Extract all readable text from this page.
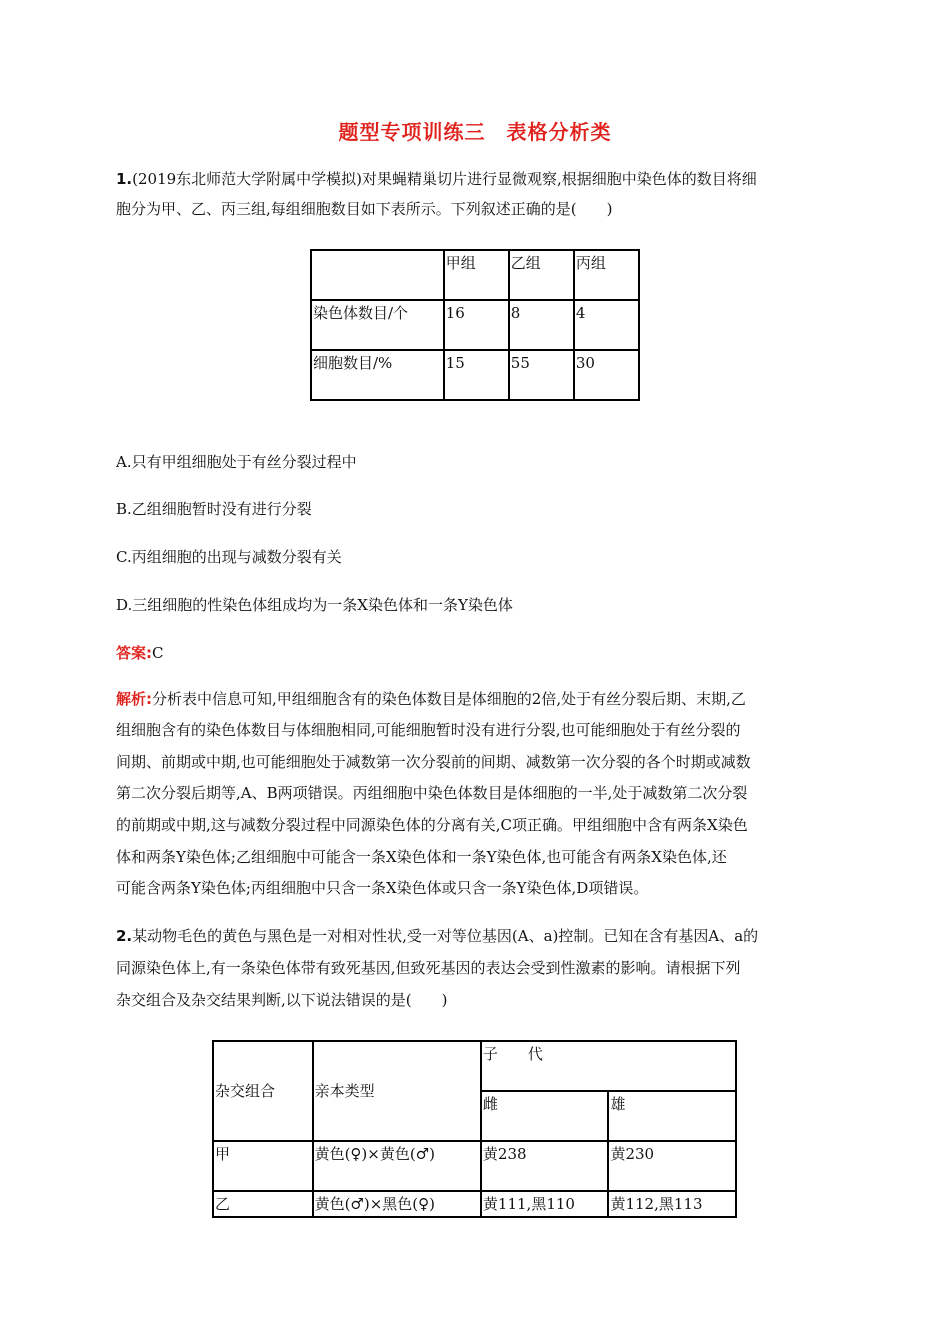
题型专项训练三　表格分析类
1.(2019东北师范大学附属中学模拟)对果蝇精巢切片进行显微观察,根据细胞中染色体的数目将细
胞分为甲、乙、丙三组,每组细胞数目如下表所示。下列叙述正确的是(　　)
	甲组	乙组	丙组
染色体数目/个	16	8	4
细胞数目/%	15	55	30
A.只有甲组细胞处于有丝分裂过程中
B.乙组细胞暂时没有进行分裂
C.丙组细胞的出现与减数分裂有关
D.三组细胞的性染色体组成均为一条X染色体和一条Y染色体
答案:C
解析:分析表中信息可知,甲组细胞含有的染色体数目是体细胞的2倍,处于有丝分裂后期、末期,乙
组细胞含有的染色体数目与体细胞相同,可能细胞暂时没有进行分裂,也可能细胞处于有丝分裂的
间期、前期或中期,也可能细胞处于减数第一次分裂前的间期、减数第一次分裂的各个时期或减数
第二次分裂后期等,A、B两项错误。丙组细胞中染色体数目是体细胞的一半,处于减数第二次分裂
的前期或中期,这与减数分裂过程中同源染色体的分离有关,C项正确。甲组细胞中含有两条X染色
体和两条Y染色体;乙组细胞中可能含一条X染色体和一条Y染色体,也可能含有两条X染色体,还
可能含两条Y染色体;丙组细胞中只含一条X染色体或只含一条Y染色体,D项错误。
2.某动物毛色的黄色与黑色是一对相对性状,受一对等位基因(A、a)控制。已知在含有基因A、a的
同源染色体上,有一条染色体带有致死基因,但致死基因的表达会受到性激素的影响。请根据下列
杂交组合及杂交结果判断,以下说法错误的是(　　)
杂交组合	亲本类型	子　　代	
		雌	雄
甲	黄色(♀)×黄色(♂)	黄238	黄230
乙	黄色(♂)×黑色(♀)	黄111,黑110	黄112,黑113
